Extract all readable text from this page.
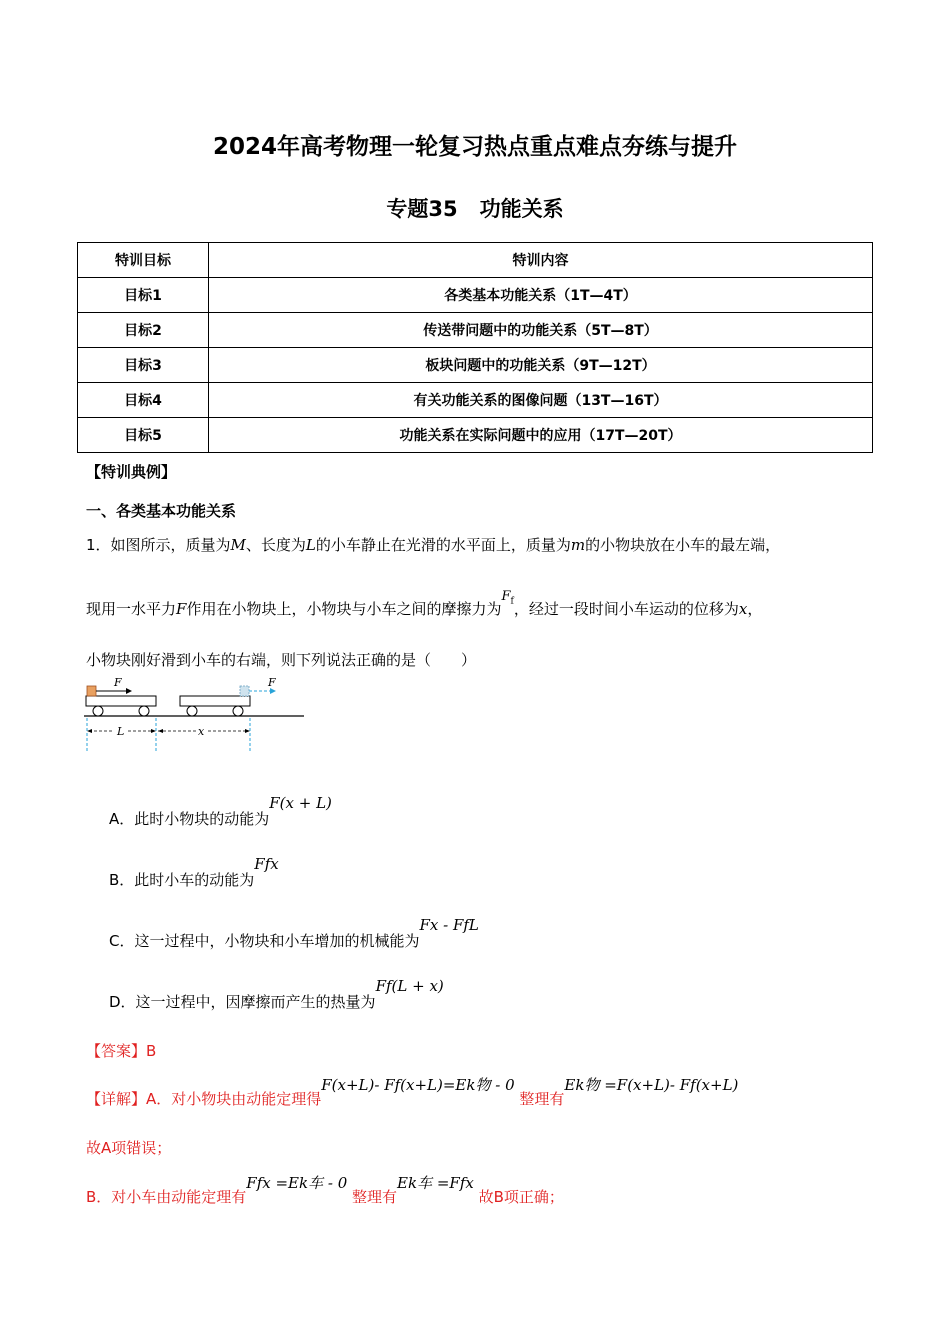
2024年高考物理一轮复习热点重点难点夯练与提升
专题35 功能关系
特训目标	特训内容
目标1	各类基本功能关系（1T—4T）
目标2	传送带问题中的功能关系（5T—8T）
目标3	板块问题中的功能关系（9T—12T）
目标4	有关功能关系的图像问题（13T—16T）
目标5	功能关系在实际问题中的应用（17T—20T）
【特训典例】
一、各类基本功能关系
1．如图所示，质量为M、长度为L的小车静止在光滑的水平面上，质量为m的小物块放在小车的最左端，
现用一水平力F作用在小物块上，小物块与小车之间的摩擦力为$F_f$，经过一段时间小车运动的位移为x，
小物块刚好滑到小车的右端，则下列说法正确的是（　　）
F	F
L	x
A．此时小物块的动能为F(x + L)
B．此时小车的动能为Ffx
C．这一过程中，小物块和小车增加的机械能为Fx - FfL
D．这一过程中，因摩擦而产生的热量为Ff(L + x)
【答案】B
【详解】A．对小物块由动能定理得F(x+L)- Ff(x+L)=Ek物 - 0 整理有Ek物 =F(x+L)- Ff(x+L)
故A项错误；
B．对小车由动能定理有Ffx =Ek车 - 0 整理有Ek车 =Ffx 故B项正确；
